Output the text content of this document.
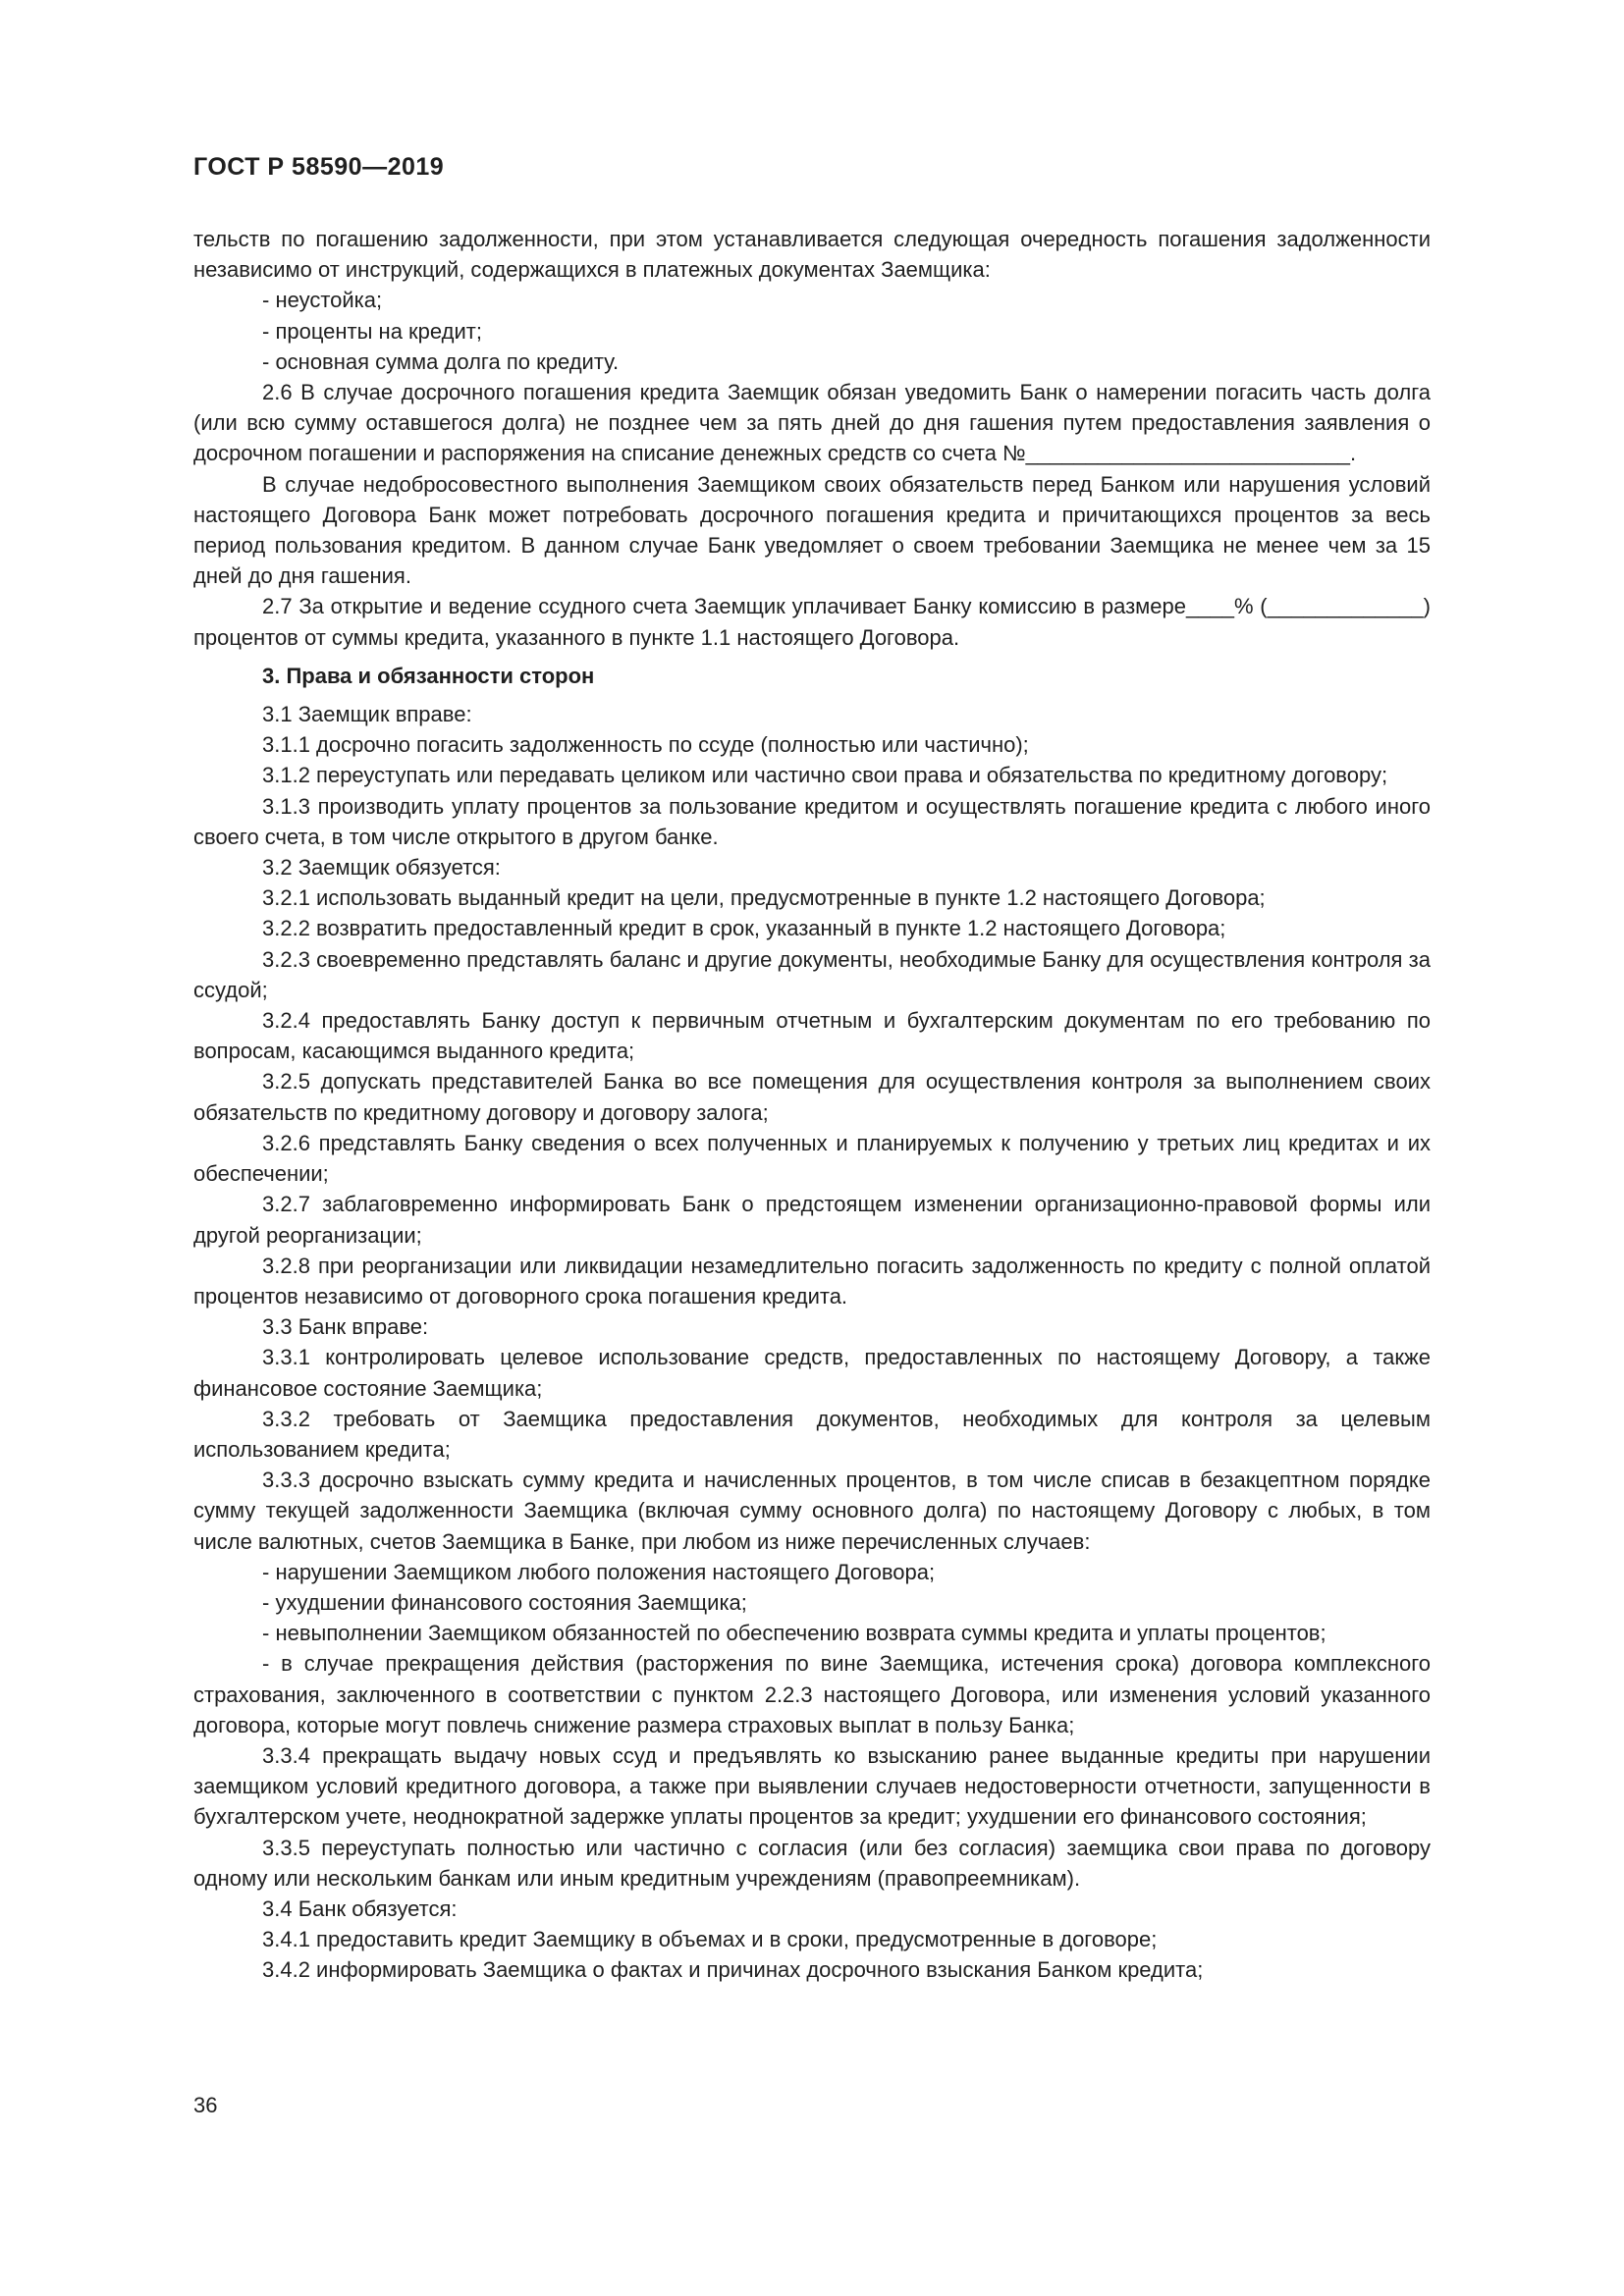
ГОСТ Р 58590—2019

тельств по погашению задолженности, при этом устанавливается следующая очередность погашения задолженности независимо от инструкций, содержащихся в платежных документах Заемщика:

- неустойка;

- проценты на кредит;

- основная сумма долга по кредиту.

2.6 В случае досрочного погашения кредита Заемщик обязан уведомить Банк о намерении погасить часть долга (или всю сумму оставшегося долга) не позднее чем за пять дней до дня гашения путем предоставления заявления о досрочном погашении и распоряжения на списание денежных средств со счета №___________________________.

В случае недобросовестного выполнения Заемщиком своих обязательств перед Банком или нарушения условий настоящего Договора Банк может потребовать досрочного погашения кредита и причитающихся процентов за весь период пользования кредитом. В данном случае Банк уведомляет о своем требовании Заемщика не менее чем за 15 дней до дня гашения.

2.7 За открытие и ведение ссудного счета Заемщик уплачивает Банку комиссию в размере____% (_____________) процентов от суммы кредита, указанного в пункте 1.1 настоящего Договора.

3. Права и обязанности сторон

3.1 Заемщик вправе:

3.1.1 досрочно погасить задолженность по ссуде (полностью или частично);

3.1.2 переуступать или передавать целиком или частично свои права и обязательства по кредитному договору;

3.1.3 производить уплату процентов за пользование кредитом и осуществлять погашение кредита с любого иного своего счета, в том числе открытого в другом банке.

3.2 Заемщик обязуется:

3.2.1 использовать выданный кредит на цели, предусмотренные в пункте 1.2 настоящего Договора;

3.2.2 возвратить предоставленный кредит в срок, указанный в пункте 1.2 настоящего Договора;

3.2.3 своевременно представлять баланс и другие документы, необходимые Банку для осуществления контроля за ссудой;

3.2.4 предоставлять Банку доступ к первичным отчетным и бухгалтерским документам по его требованию по вопросам, касающимся выданного кредита;

3.2.5 допускать представителей Банка во все помещения для осуществления контроля за выполнением своих обязательств по кредитному договору и договору залога;

3.2.6 представлять Банку сведения о всех полученных и планируемых к получению у третьих лиц кредитах и их обеспечении;

3.2.7 заблаговременно информировать Банк о предстоящем изменении организационно-правовой формы или другой реорганизации;

3.2.8 при реорганизации или ликвидации незамедлительно погасить задолженность по кредиту с полной оплатой процентов независимо от договорного срока погашения кредита.

3.3 Банк вправе:

3.3.1 контролировать целевое использование средств, предоставленных по настоящему Договору, а также финансовое состояние Заемщика;

3.3.2 требовать от Заемщика предоставления документов, необходимых для контроля за целевым использованием кредита;

3.3.3 досрочно взыскать сумму кредита и начисленных процентов, в том числе списав в безакцептном порядке сумму текущей задолженности Заемщика (включая сумму основного долга) по настоящему Договору с любых, в том числе валютных, счетов Заемщика в Банке, при любом из ниже перечисленных случаев:

- нарушении Заемщиком любого положения настоящего Договора;

- ухудшении финансового состояния Заемщика;

- невыполнении Заемщиком обязанностей по обеспечению возврата суммы кредита и уплаты процентов;

- в случае прекращения действия (расторжения по вине Заемщика, истечения срока) договора комплексного страхования, заключенного в соответствии с пунктом 2.2.3 настоящего Договора, или изменения условий указанного договора, которые могут повлечь снижение размера страховых выплат в пользу Банка;

3.3.4 прекращать выдачу новых ссуд и предъявлять ко взысканию ранее выданные кредиты при нарушении заемщиком условий кредитного договора, а также при выявлении случаев недостоверности отчетности, запущенности в бухгалтерском учете, неоднократной задержке уплаты процентов за кредит; ухудшении его финансового состояния;

3.3.5 переуступать полностью или частично с согласия (или без согласия) заемщика свои права по договору одному или нескольким банкам или иным кредитным учреждениям (правопреемникам).

3.4 Банк обязуется:

3.4.1 предоставить кредит Заемщику в объемах и в сроки, предусмотренные в договоре;

3.4.2 информировать Заемщика о фактах и причинах досрочного взыскания Банком кредита;

36
